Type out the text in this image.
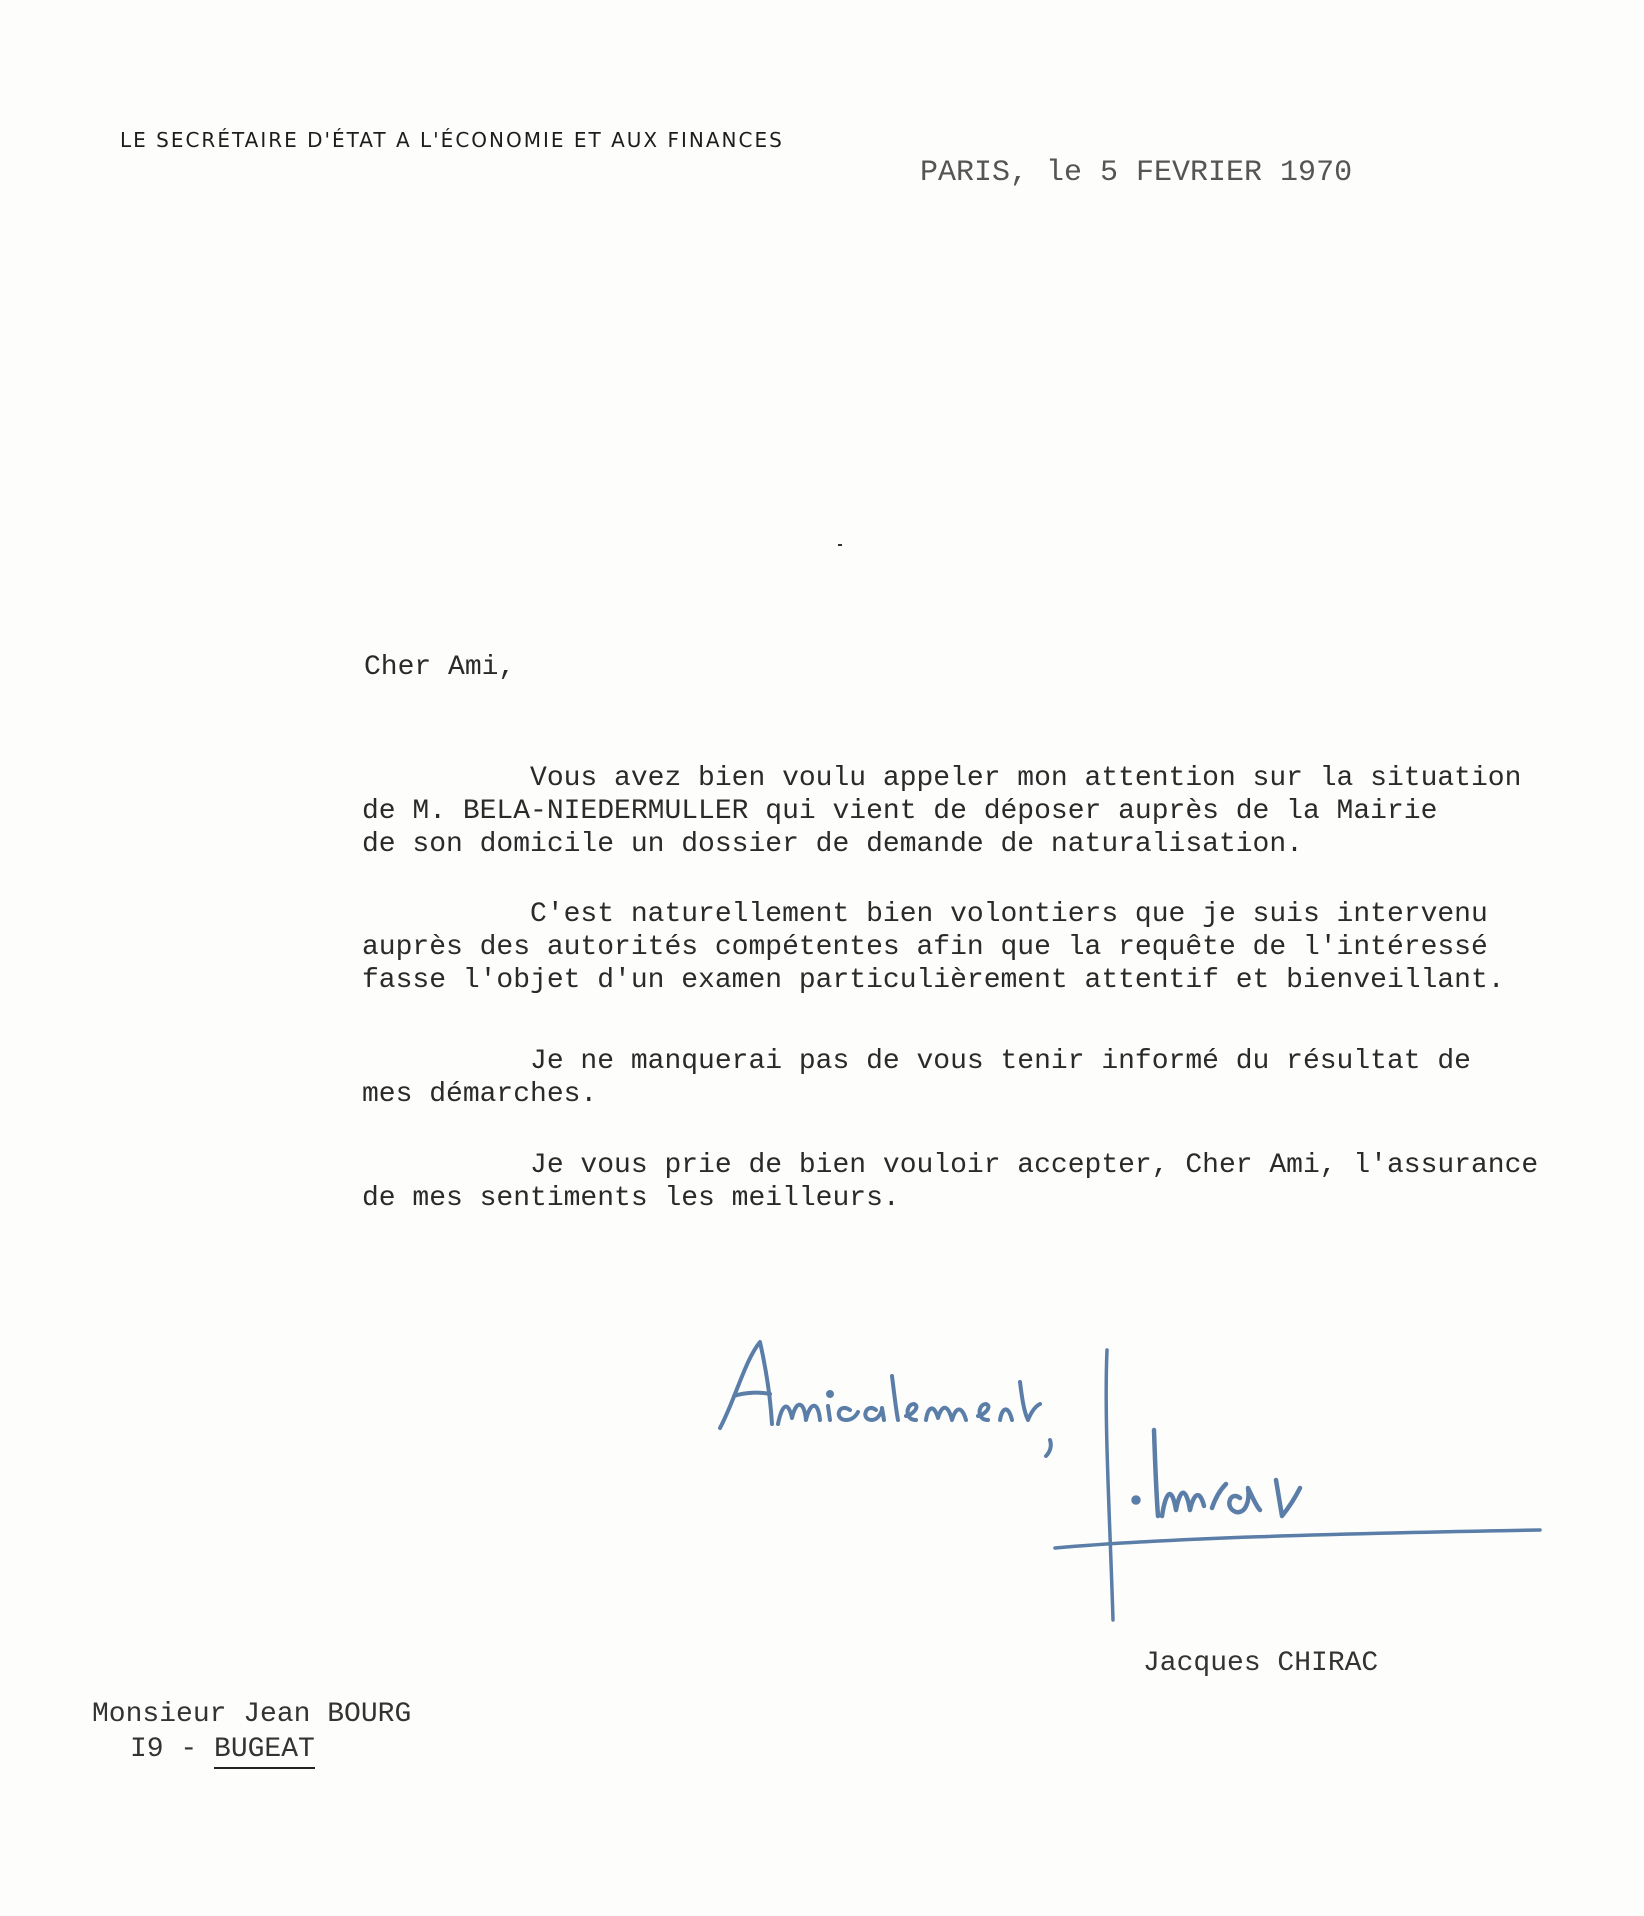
LE SECRÉTAIRE D'ÉTAT A L'ÉCONOMIE ET AUX FINANCES
PARIS, le 5 FEVRIER 1970
Cher Ami,
Vous avez bien voulu appeler mon attention sur la situation
de M. BELA-NIEDERMULLER qui vient de déposer auprès de la Mairie
de son domicile un dossier de demande de naturalisation.
C'est naturellement bien volontiers que je suis intervenu
auprès des autorités compétentes afin que la requête de l'intéressé
fasse l'objet d'un examen particulièrement attentif et bienveillant.
Je ne manquerai pas de vous tenir informé du résultat de
mes démarches.
Je vous prie de bien vouloir accepter, Cher Ami, l'assurance
de mes sentiments les meilleurs.
Jacques CHIRAC
Monsieur Jean BOURG
I9 - BUGEAT
